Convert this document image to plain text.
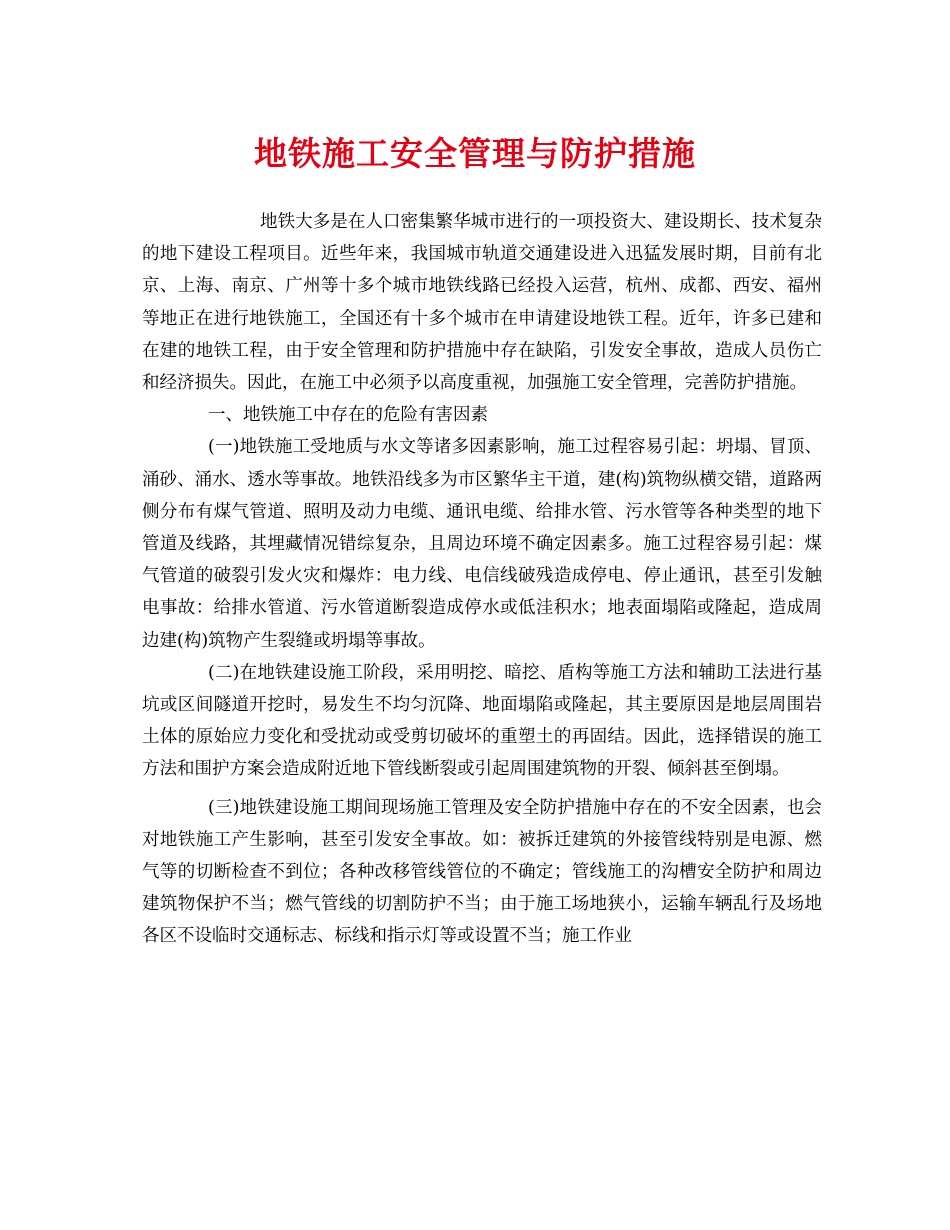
地铁施工安全管理与防护措施

地铁大多是在人口密集繁华城市进行的一项投资大、建设期长、技术复杂的地下建设工程项目。近些年来，我国城市轨道交通建设进入迅猛发展时期，目前有北京、上海、南京、广州等十多个城市地铁线路已经投入运营，杭州、成都、西安、福州等地正在进行地铁施工，全国还有十多个城市在申请建设地铁工程。近年，许多已建和在建的地铁工程，由于安全管理和防护措施中存在缺陷，引发安全事故，造成人员伤亡和经济损失。因此，在施工中必须予以高度重视，加强施工安全管理，完善防护措施。

一、地铁施工中存在的危险有害因素

(一)地铁施工受地质与水文等诸多因素影响，施工过程容易引起：坍塌、冒顶、涌砂、涌水、透水等事故。地铁沿线多为市区繁华主干道，建(构)筑物纵横交错，道路两侧分布有煤气管道、照明及动力电缆、通讯电缆、给排水管、污水管等各种类型的地下管道及线路，其埋藏情况错综复杂，且周边环境不确定因素多。施工过程容易引起：煤气管道的破裂引发火灾和爆炸：电力线、电信线破残造成停电、停止通讯，甚至引发触电事故：给排水管道、污水管道断裂造成停水或低洼积水；地表面塌陷或隆起，造成周边建(构)筑物产生裂缝或坍塌等事故。

(二)在地铁建设施工阶段，采用明挖、暗挖、盾构等施工方法和辅助工法进行基坑或区间隧道开挖时，易发生不均匀沉降、地面塌陷或隆起，其主要原因是地层周围岩土体的原始应力变化和受扰动或受剪切破坏的重塑土的再固结。因此，选择错误的施工方法和围护方案会造成附近地下管线断裂或引起周围建筑物的开裂、倾斜甚至倒塌。

(三)地铁建设施工期间现场施工管理及安全防护措施中存在的不安全因素，也会对地铁施工产生影响，甚至引发安全事故。如：被拆迁建筑的外接管线特别是电源、燃气等的切断检查不到位；各种改移管线管位的不确定；管线施工的沟槽安全防护和周边建筑物保护不当；燃气管线的切割防护不当；由于施工场地狭小，运输车辆乱行及场地各区不设临时交通标志、标线和指示灯等或设置不当；施工作业
